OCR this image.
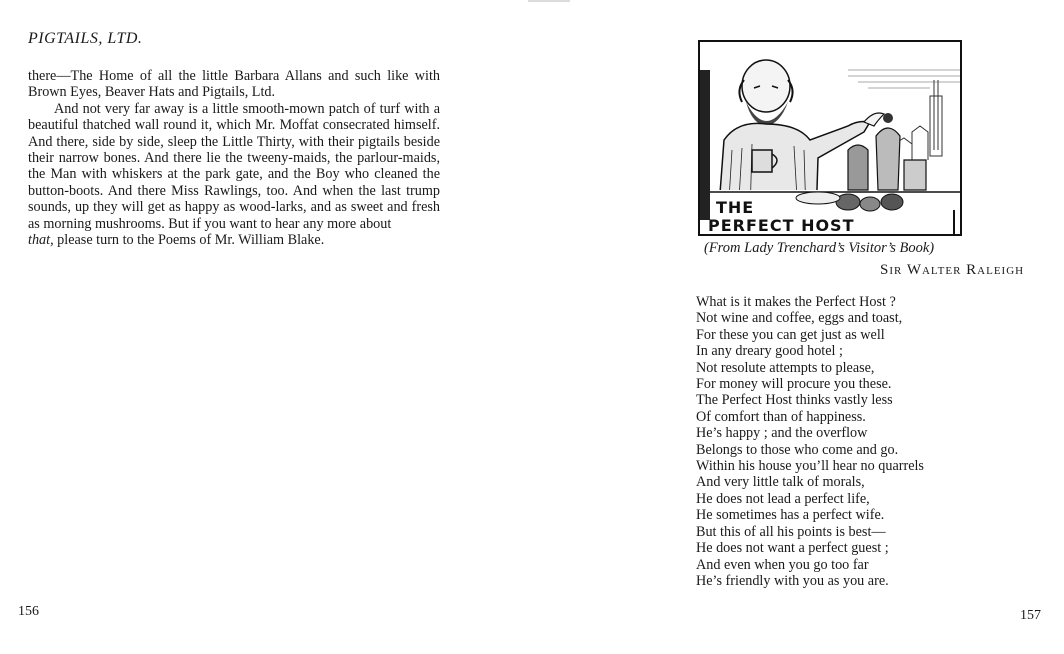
PIGTAILS, LTD.

there—The Home of all the little Barbara Allans and such like with Brown Eyes, Beaver Hats and Pigtails, Ltd.

And not very far away is a little smooth-mown patch of turf with a beautiful thatched wall round it, which Mr. Moffat consecrated himself. And there, side by side, sleep the Little Thirty, with their pigtails beside their narrow bones. And there lie the tweeny-maids, the parlour-maids, the Man with whiskers at the park gate, and the Boy who cleaned the button-boots. And there Miss Rawlings, too. And when the last trump sounds, up they will get as happy as wood-larks, and as sweet and fresh as morning mushrooms. But if you want to hear any more about
that, please turn to the Poems of Mr. William Blake.

156
THE
PERFECT HOST
(From Lady Trenchard’s Visitor’s Book)
Sir Walter Raleigh
What is it makes the Perfect Host ?
Not wine and coffee, eggs and toast,
For these you can get just as well
In any dreary good hotel ;
Not resolute attempts to please,
For money will procure you these.
The Perfect Host thinks vastly less
Of comfort than of happiness.
He’s happy ; and the overflow
Belongs to those who come and go.
Within his house you’ll hear no quarrels
And very little talk of morals,
He does not lead a perfect life,
He sometimes has a perfect wife.
But this of all his points is best—
He does not want a perfect guest ;
And even when you go too far
He’s friendly with you as you are.
157
